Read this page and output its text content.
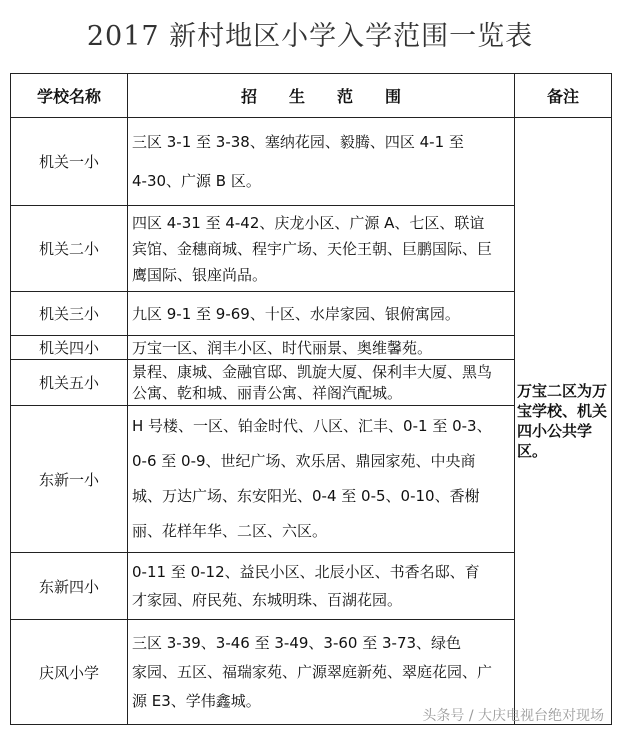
2017 新村地区小学入学范围一览表
学校名称	招　　生　　范　　围	备注
机关一小	三区 3-1 至 3-38、塞纳花园、毅腾、四区 4-1 至
4-30、广源 B 区。	万宝二区为万宝学校、机关四小公共学区。
机关二小	四区 4-31 至 4-42、庆龙小区、广源 A、七区、联谊
宾馆、金穗商城、程宇广场、天伦王朝、巨鹏国际、巨
鹰国际、银座尚品。	

机关三小	九区 9-1 至 9-69、十区、水岸家园、银俯寓园。	

机关四小	万宝一区、润丰小区、时代丽景、奥维馨苑。	

机关五小	景程、康城、金融官邸、凯旋大厦、保利丰大厦、黑鸟
公寓、乾和城、丽青公寓、祥阁汽配城。	

东新一小	H 号楼、一区、铂金时代、八区、汇丰、0-1 至 0-3、
0-6 至 0-9、世纪广场、欢乐居、鼎园家苑、中央商
城、万达广场、东安阳光、0-4 至 0-5、0-10、香榭
丽、花样年华、二区、六区。	

东新四小	0-11 至 0-12、益民小区、北辰小区、书香名邸、育
才家园、府民苑、东城明珠、百湖花园。	

庆风小学	三区 3-39、3-46 至 3-49、3-60 至 3-73、绿色
家园、五区、福瑞家苑、广源翠庭新苑、翠庭花园、广
源 E3、学伟鑫城。	
头条号 / 大庆电视台绝对现场
